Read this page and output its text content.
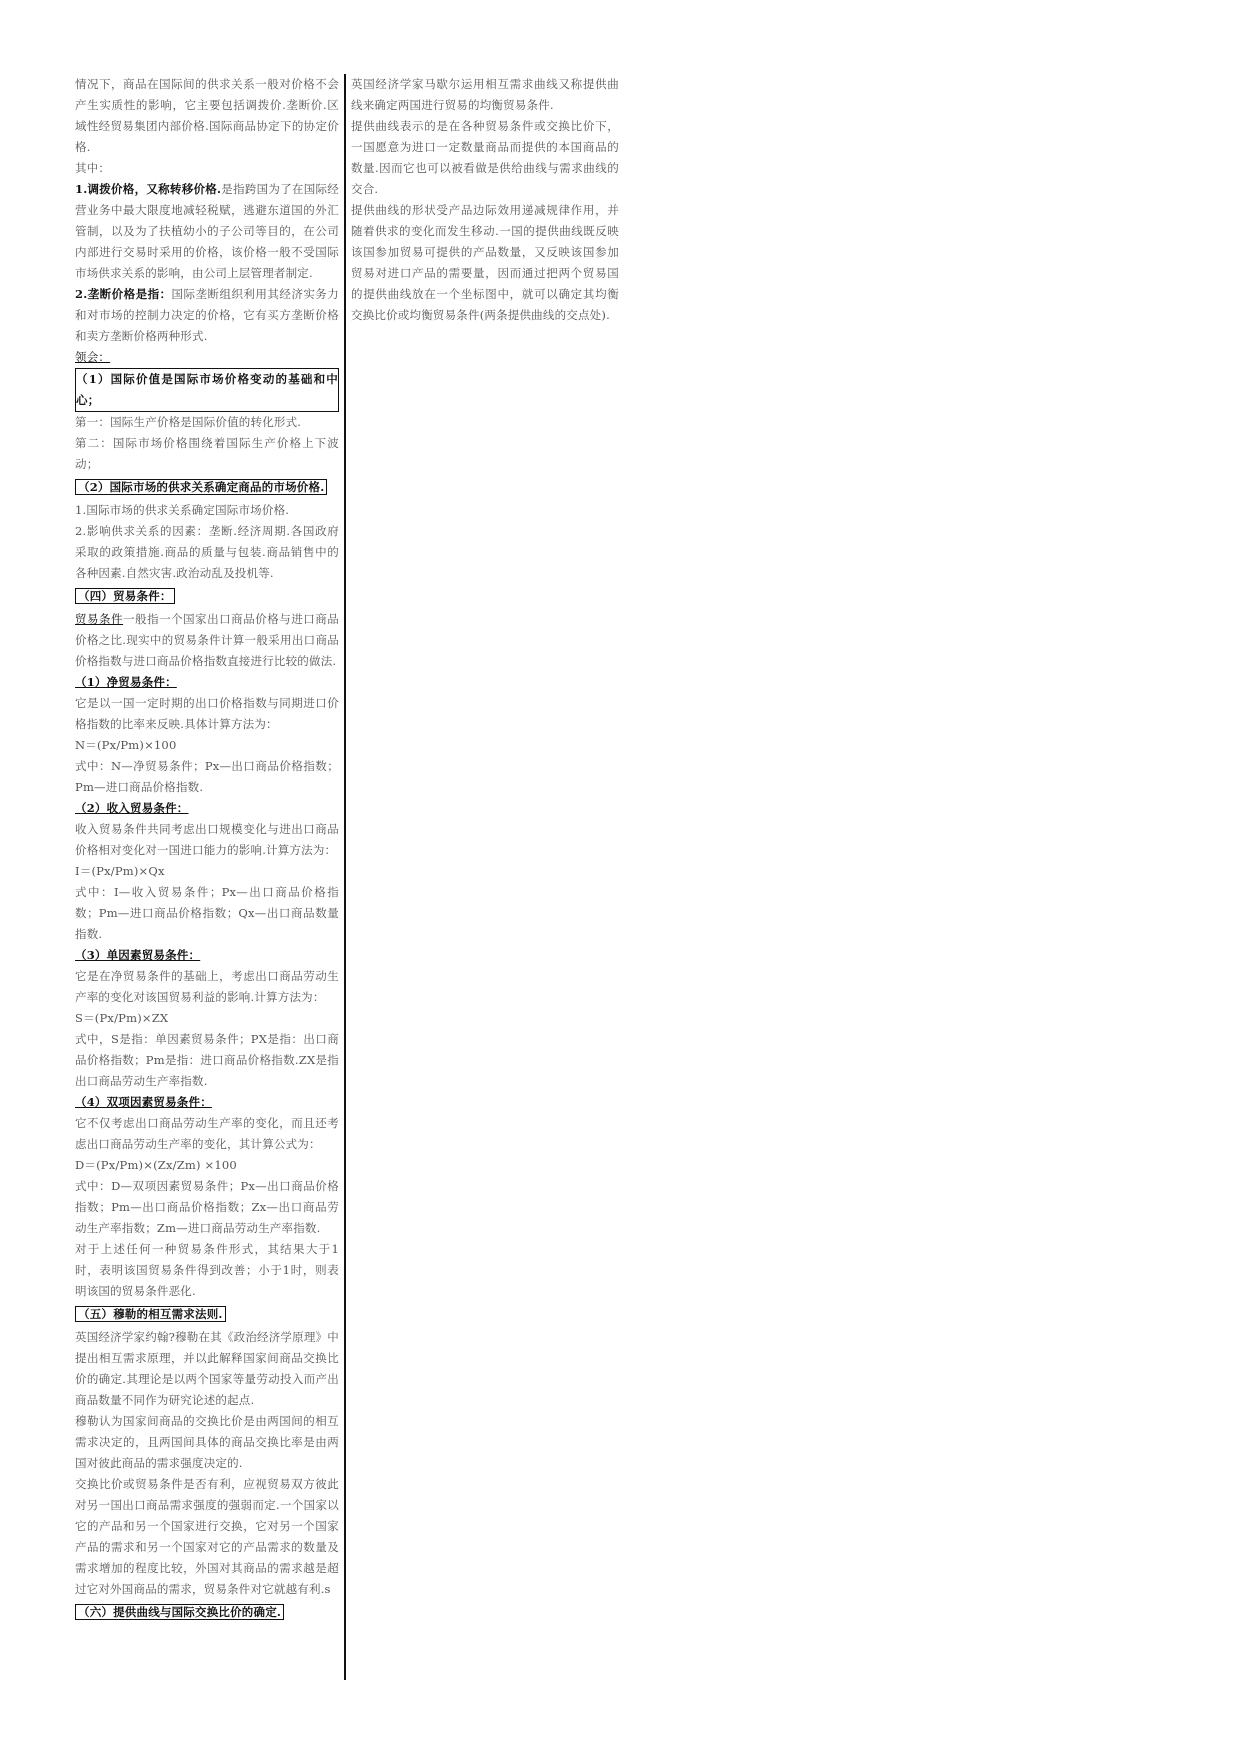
情况下，商品在国际间的供求关系一般对价格不会产生实质性的影响，它主要包括调拨价.垄断价.区域性经贸易集团内部价格.国际商品协定下的协定价格.

其中：

1.调拨价格，又称转移价格.是指跨国为了在国际经营业务中最大限度地减轻税赋，逃避东道国的外汇管制，以及为了扶植幼小的子公司等目的，在公司内部进行交易时采用的价格，该价格一般不受国际市场供求关系的影响，由公司上层管理者制定.

2.垄断价格是指：国际垄断组织利用其经济实务力和对市场的控制力决定的价格，它有买方垄断价格和卖方垄断价格两种形式.

领会：

（1）国际价值是国际市场价格变动的基础和中心；

第一：国际生产价格是国际价值的转化形式.

第二：国际市场价格围绕着国际生产价格上下波动；

（2）国际市场的供求关系确定商品的市场价格.

1.国际市场的供求关系确定国际市场价格.

2.影响供求关系的因素：垄断.经济周期.各国政府采取的政策措施.商品的质量与包装.商品销售中的各种因素.自然灾害.政治动乱及投机等.

（四）贸易条件：

贸易条件一般指一个国家出口商品价格与进口商品价格之比.现实中的贸易条件计算一般采用出口商品价格指数与进口商品价格指数直接进行比较的做法.

（1）净贸易条件：

它是以一国一定时期的出口价格指数与同期进口价格指数的比率来反映.具体计算方法为：

N＝(Px/Pm)×100

式中：N—净贸易条件；Px—出口商品价格指数；Pm—进口商品价格指数.

（2）收入贸易条件：

收入贸易条件共同考虑出口规模变化与进出口商品价格相对变化对一国进口能力的影响.计算方法为：

I＝(Px/Pm)×Qx

式中：I—收入贸易条件；Px—出口商品价格指数；Pm—进口商品价格指数；Qx—出口商品数量指数.

（3）单因素贸易条件：

它是在净贸易条件的基础上，考虑出口商品劳动生产率的变化对该国贸易利益的影响.计算方法为：

S＝(Px/Pm)×ZX

式中，S是指：单因素贸易条件；PX是指：出口商品价格指数；Pm是指：进口商品价格指数.ZX是指出口商品劳动生产率指数.

（4）双项因素贸易条件：

它不仅考虑出口商品劳动生产率的变化，而且还考虑出口商品劳动生产率的变化，其计算公式为：

D＝(Px/Pm)×(Zx/Zm) ×100

式中：D—双项因素贸易条件；Px—出口商品价格指数；Pm—出口商品价格指数；Zx—出口商品劳动生产率指数；Zm—进口商品劳动生产率指数.

对于上述任何一种贸易条件形式，其结果大于1时，表明该国贸易条件得到改善；小于1时，则表明该国的贸易条件恶化.

（五）穆勒的相互需求法则.

英国经济学家约翰?穆勒在其《政治经济学原理》中提出相互需求原理，并以此解释国家间商品交换比价的确定.其理论是以两个国家等量劳动投入而产出商品数量不同作为研究论述的起点.

穆勒认为国家间商品的交换比价是由两国间的相互需求决定的，且两国间具体的商品交换比率是由两国对彼此商品的需求强度决定的.

交换比价或贸易条件是否有利，应视贸易双方彼此对另一国出口商品需求强度的强弱而定.一个国家以它的产品和另一个国家进行交换，它对另一个国家产品的需求和另一个国家对它的产品需求的数量及需求增加的程度比较，外国对其商品的需求越是超过它对外国商品的需求，贸易条件对它就越有利.s

（六）提供曲线与国际交换比价的确定.

英国经济学家马歇尔运用相互需求曲线又称提供曲线来确定两国进行贸易的均衡贸易条件.

提供曲线表示的是在各种贸易条件或交换比价下，一国愿意为进口一定数量商品而提供的本国商品的数量.因而它也可以被看做是供给曲线与需求曲线的交合.

提供曲线的形状受产品边际效用递减规律作用，并随着供求的变化而发生移动.一国的提供曲线既反映该国参加贸易可提供的产品数量，又反映该国参加贸易对进口产品的需要量，因而通过把两个贸易国的提供曲线放在一个坐标图中，就可以确定其均衡交换比价或均衡贸易条件(两条提供曲线的交点处).
